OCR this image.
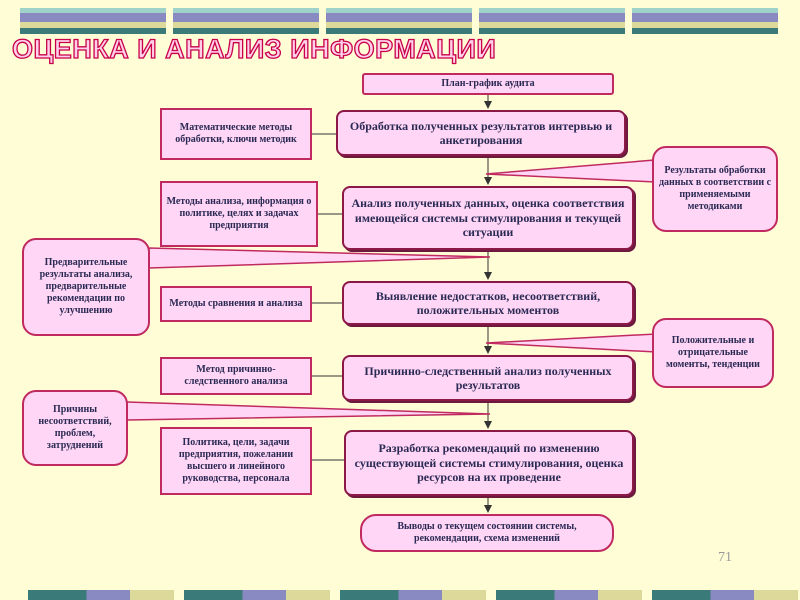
ОЦЕНКА И АНАЛИЗ ИНФОРМАЦИИ
План-график аудита
Обработка полученных результатов интервью и анкетирования
Анализ полученных данных, оценка соответствия имеющейся системы стимулирования и текущей ситуации
Выявление недостатков, несоответствий, положительных моментов
Причинно-следственный анализ полученных результатов
Разработка рекомендаций по изменению существующей системы стимулирования, оценка ресурсов на их проведение
Выводы о текущем состоянии системы, рекомендации, схема изменений
Математические методы обработки, ключи методик
Методы анализа, информация о политике, целях и задачах предприятия
Методы сравнения и анализа
Метод причинно-следственного анализа
Политика, цели, задачи предприятия, пожелании высшего и линейного руководства, персонала
Результаты обработки данных в соответствии с применяемыми методиками
Положительные и отрицательные моменты, тенденции
Предварительные результаты анализа, предварительные рекомендации по улучшению
Причины несоответствий, проблем, затруднений
71
